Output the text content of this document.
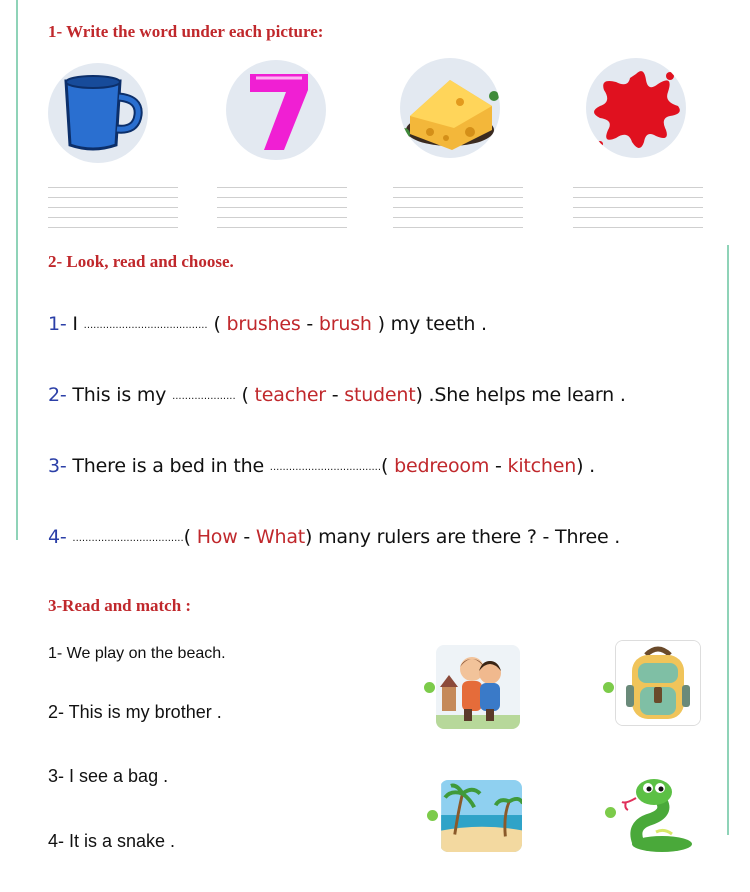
1- Write the word under each picture:
2- Look, read and choose.
1- I ....................................... ( brushes - brush ) my teeth .
2- This is my .................... ( teacher - student) .She helps me learn .
3- There is a bed in the ...................................( bedreoom - kitchen) .
4- ...................................( How - What) many rulers are there ? - Three .
3-Read and match :
1- We play on the beach.
2- This is my brother .
3- I see a bag .
4- It is a snake .
